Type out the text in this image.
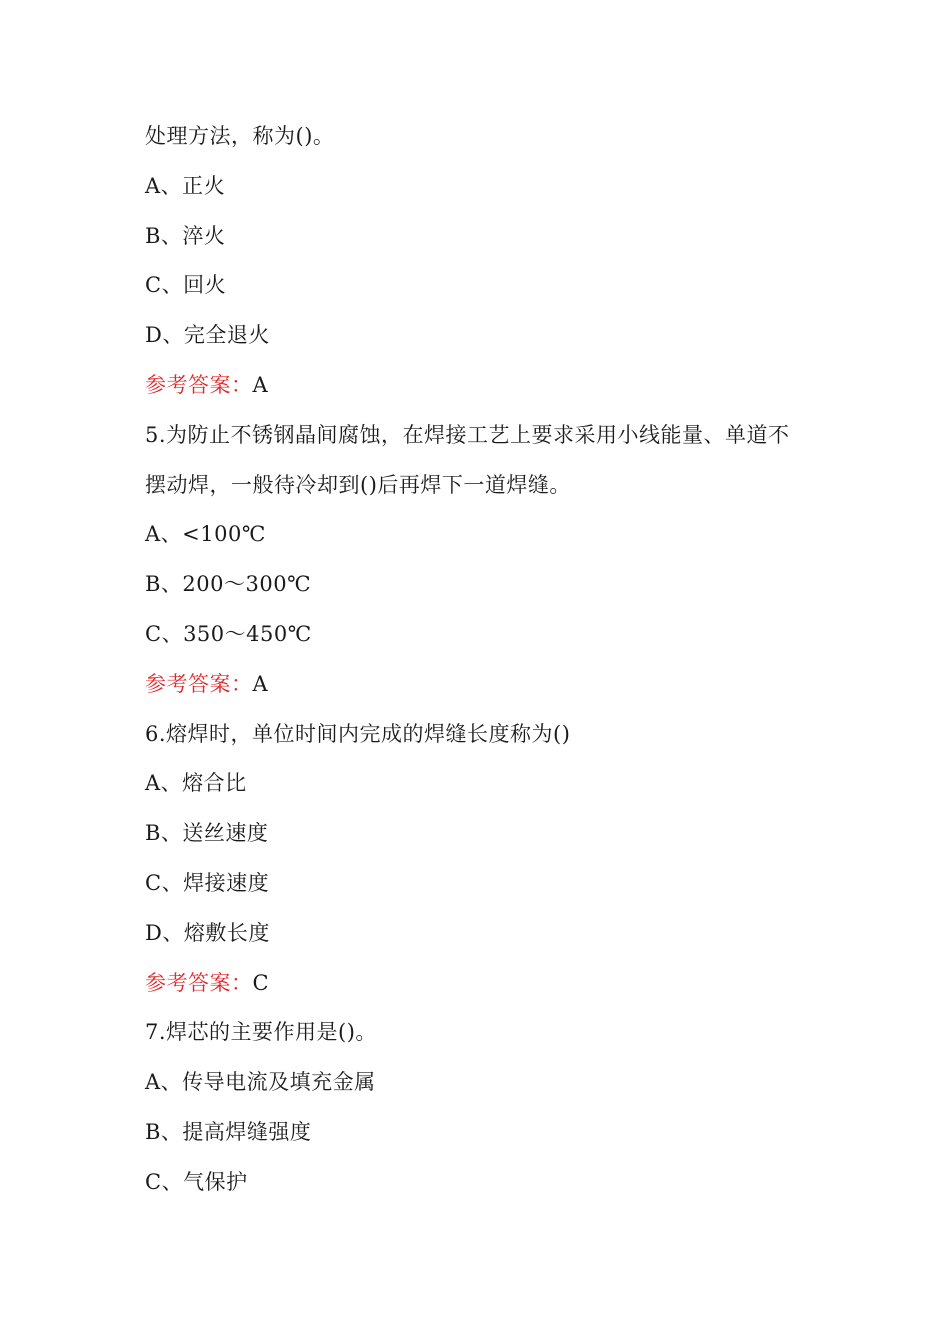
处理方法，称为()。
A、正火
B、淬火
C、回火
D、完全退火
参考答案：A
5.为防止不锈钢晶间腐蚀，在焊接工艺上要求采用小线能量、单道不
摆动焊，一般待冷却到()后再焊下一道焊缝。
A、<100℃
B、200～300℃
C、350～450℃
参考答案：A
6.熔焊时，单位时间内完成的焊缝长度称为()
A、熔合比
B、送丝速度
C、焊接速度
D、熔敷长度
参考答案：C
7.焊芯的主要作用是()。
A、传导电流及填充金属
B、提高焊缝强度
C、气保护
